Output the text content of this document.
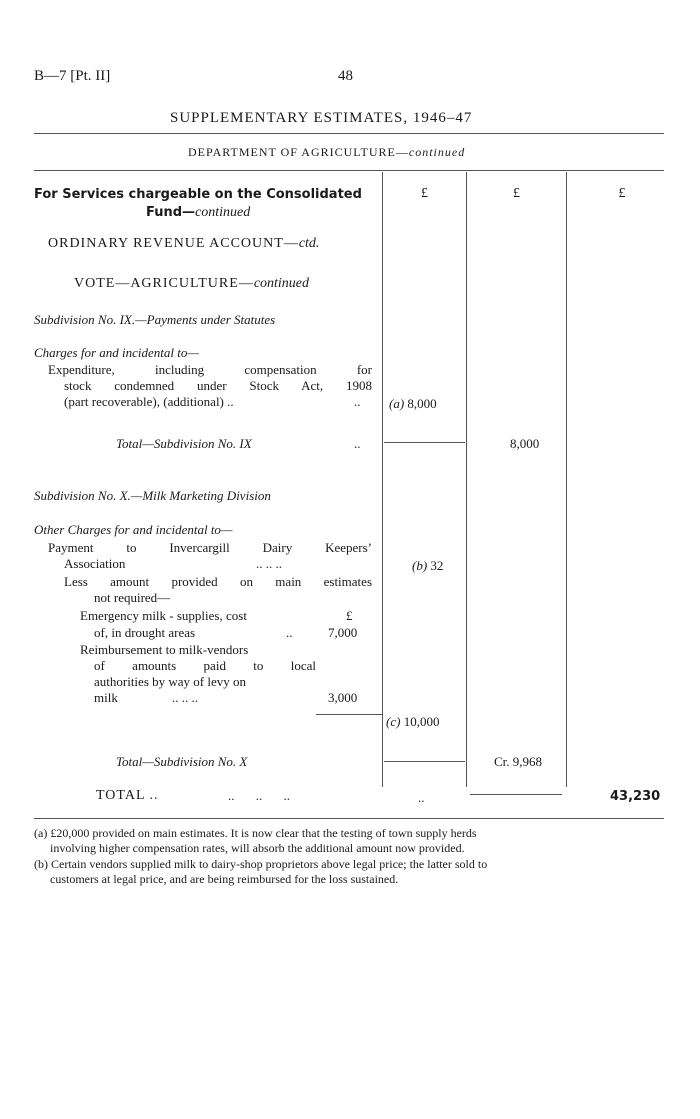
B—7 [Pt. II]	48
SUPPLEMENTARY ESTIMATES, 1946–47
DEPARTMENT OF AGRICULTURE—continued
£	£	£
For Services chargeable on the Consolidated
Fund—continued
ORDINARY REVENUE ACCOUNT—ctd.
VOTE—AGRICULTURE—continued
Subdivision No. IX.—Payments under Statutes
Charges for and incidental to—
Expenditure, including compensation for
stock condemned under Stock Act, 1908
(part recoverable), (additional) ..	.. (a) 8,000
Total—Subdivision No. IX	..	8,000
Subdivision No. X.—Milk Marketing Division
Other Charges for and incidental to—
Payment to Invercargill Dairy Keepers’
Association	.. .. ..	(b) 32
Less amount provided on main estimates
not required—
Emergency milk - supplies, cost	£
of, in drought areas	..	7,000
Reimbursement to milk-vendors
of amounts paid to local
authorities by way of levy on
milk	.. .. ..	3,000
(c) 10,000
Total—Subdivision No. X	Cr. 9,968
TOTAL ..	.. .. ..	..	43,230
(a) £20,000 provided on main estimates. It is now clear that the testing of town supply herds
involving higher compensation rates, will absorb the additional amount now provided.
(b) Certain vendors supplied milk to dairy-shop proprietors above legal price; the latter sold to
customers at legal price, and are being reimbursed for the loss sustained.
